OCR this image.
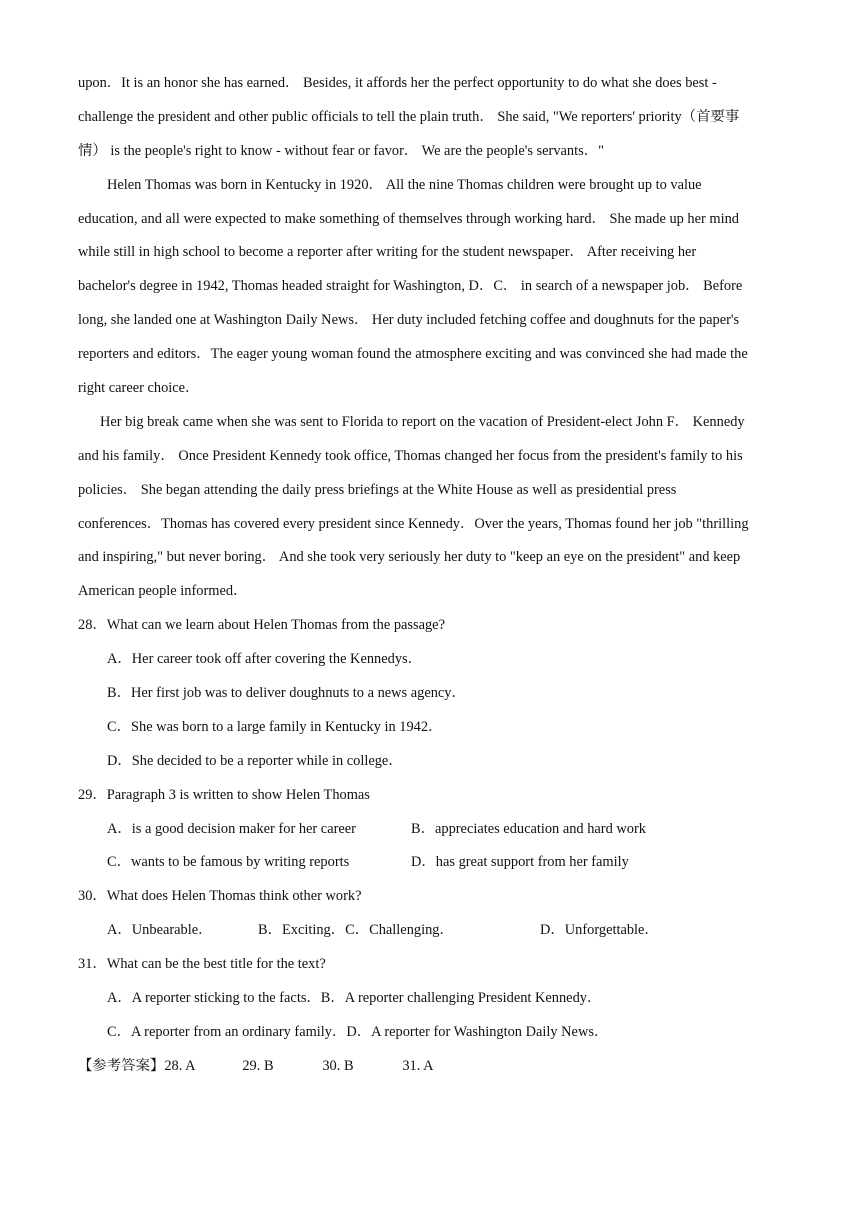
upon．It is an honor she has earned． Besides, it affords her the perfect opportunity to do what she does best -
challenge the president and other public officials to tell the plain truth． She said, "We reporters' priority（首要事
情） is the people's right to know - without fear or favor． We are the people's servants．"
Helen Thomas was born in Kentucky in 1920． All the nine Thomas children were brought up to value
education, and all were expected to make something of themselves through working hard． She made up her mind
while still in high school to become a reporter after writing for the student newspaper． After receiving her
bachelor's degree in 1942, Thomas headed straight for Washington, D．C． in search of a newspaper job． Before
long, she landed one at Washington Daily News． Her duty included fetching coffee and doughnuts for the paper's
reporters and editors．The eager young woman found the atmosphere exciting and was convinced she had made the
right career choice．
Her big break came when she was sent to Florida to report on the vacation of President-elect John F． Kennedy
and his family． Once President Kennedy took office, Thomas changed her focus from the president's family to his
policies． She began attending the daily press briefings at the White House as well as presidential press
conferences．Thomas has covered every president since Kennedy．Over the years, Thomas found her job "thrilling
and inspiring," but never boring． And she took very seriously her duty to "keep an eye on the president" and keep
American people informed．
28．What can we learn about Helen Thomas from the passage?
A．Her career took off after covering the Kennedys．
B．Her first job was to deliver doughnuts to a news agency．
C．She was born to a large family in Kentucky in 1942．
D．She decided to be a reporter while in college．
29．Paragraph 3 is written to show Helen Thomas
A．is a good decision maker for her career	B．appreciates education and hard work
C．wants to be famous by writing reports	D．has great support from her family
30．What does Helen Thomas think other work?
A．Unbearable．	B．Exciting．C．Challenging．	D．Unforgettable．
31．What can be the best title for the text?
A．A reporter sticking to the facts．B．A reporter challenging President Kennedy．
C．A reporter from an ordinary family．D．A reporter for Washington Daily News．
【参考答案】28. A	29. B	30. B	31. A
